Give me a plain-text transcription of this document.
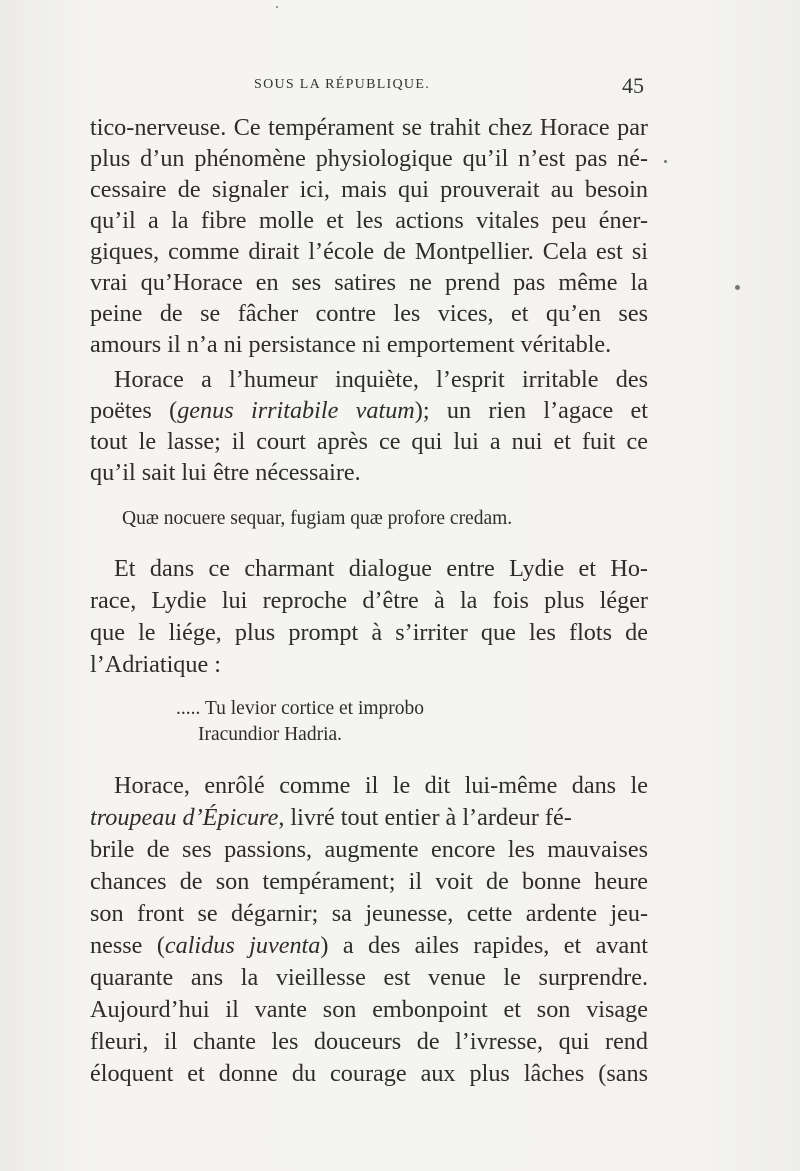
SOUS LA RÉPUBLIQUE.	45
tico-nerveuse. Ce tempérament se trahit chez Horace par
plus d’un phénomène physiologique qu’il n’est pas né-
cessaire de signaler ici, mais qui prouverait au besoin
qu’il a la fibre molle et les actions vitales peu éner-
giques, comme dirait l’école de Montpellier. Cela est si
vrai qu’Horace en ses satires ne prend pas même la
peine de se fâcher contre les vices, et qu’en ses
amours il n’a ni persistance ni emportement véritable.
Horace a l’humeur inquiète, l’esprit irritable des
poëtes (genus irritabile vatum); un rien l’agace et
tout le lasse; il court après ce qui lui a nui et fuit ce
qu’il sait lui être nécessaire.
Quæ nocuere sequar, fugiam quæ profore credam.
Et dans ce charmant dialogue entre Lydie et Ho-
race, Lydie lui reproche d’être à la fois plus léger
que le liége, plus prompt à s’irriter que les flots de
l’Adriatique :
..... Tu levior cortice et improbo
Iracundior Hadria.
Horace, enrôlé comme il le dit lui-même dans le
troupeau d’Épicure, livré tout entier à l’ardeur fé-
brile de ses passions, augmente encore les mauvaises
chances de son tempérament; il voit de bonne heure
son front se dégarnir; sa jeunesse, cette ardente jeu-
nesse (calidus juventa) a des ailes rapides, et avant
quarante ans la vieillesse est venue le surprendre.
Aujourd’hui il vante son embonpoint et son visage
fleuri, il chante les douceurs de l’ivresse, qui rend
éloquent et donne du courage aux plus lâches (sans
